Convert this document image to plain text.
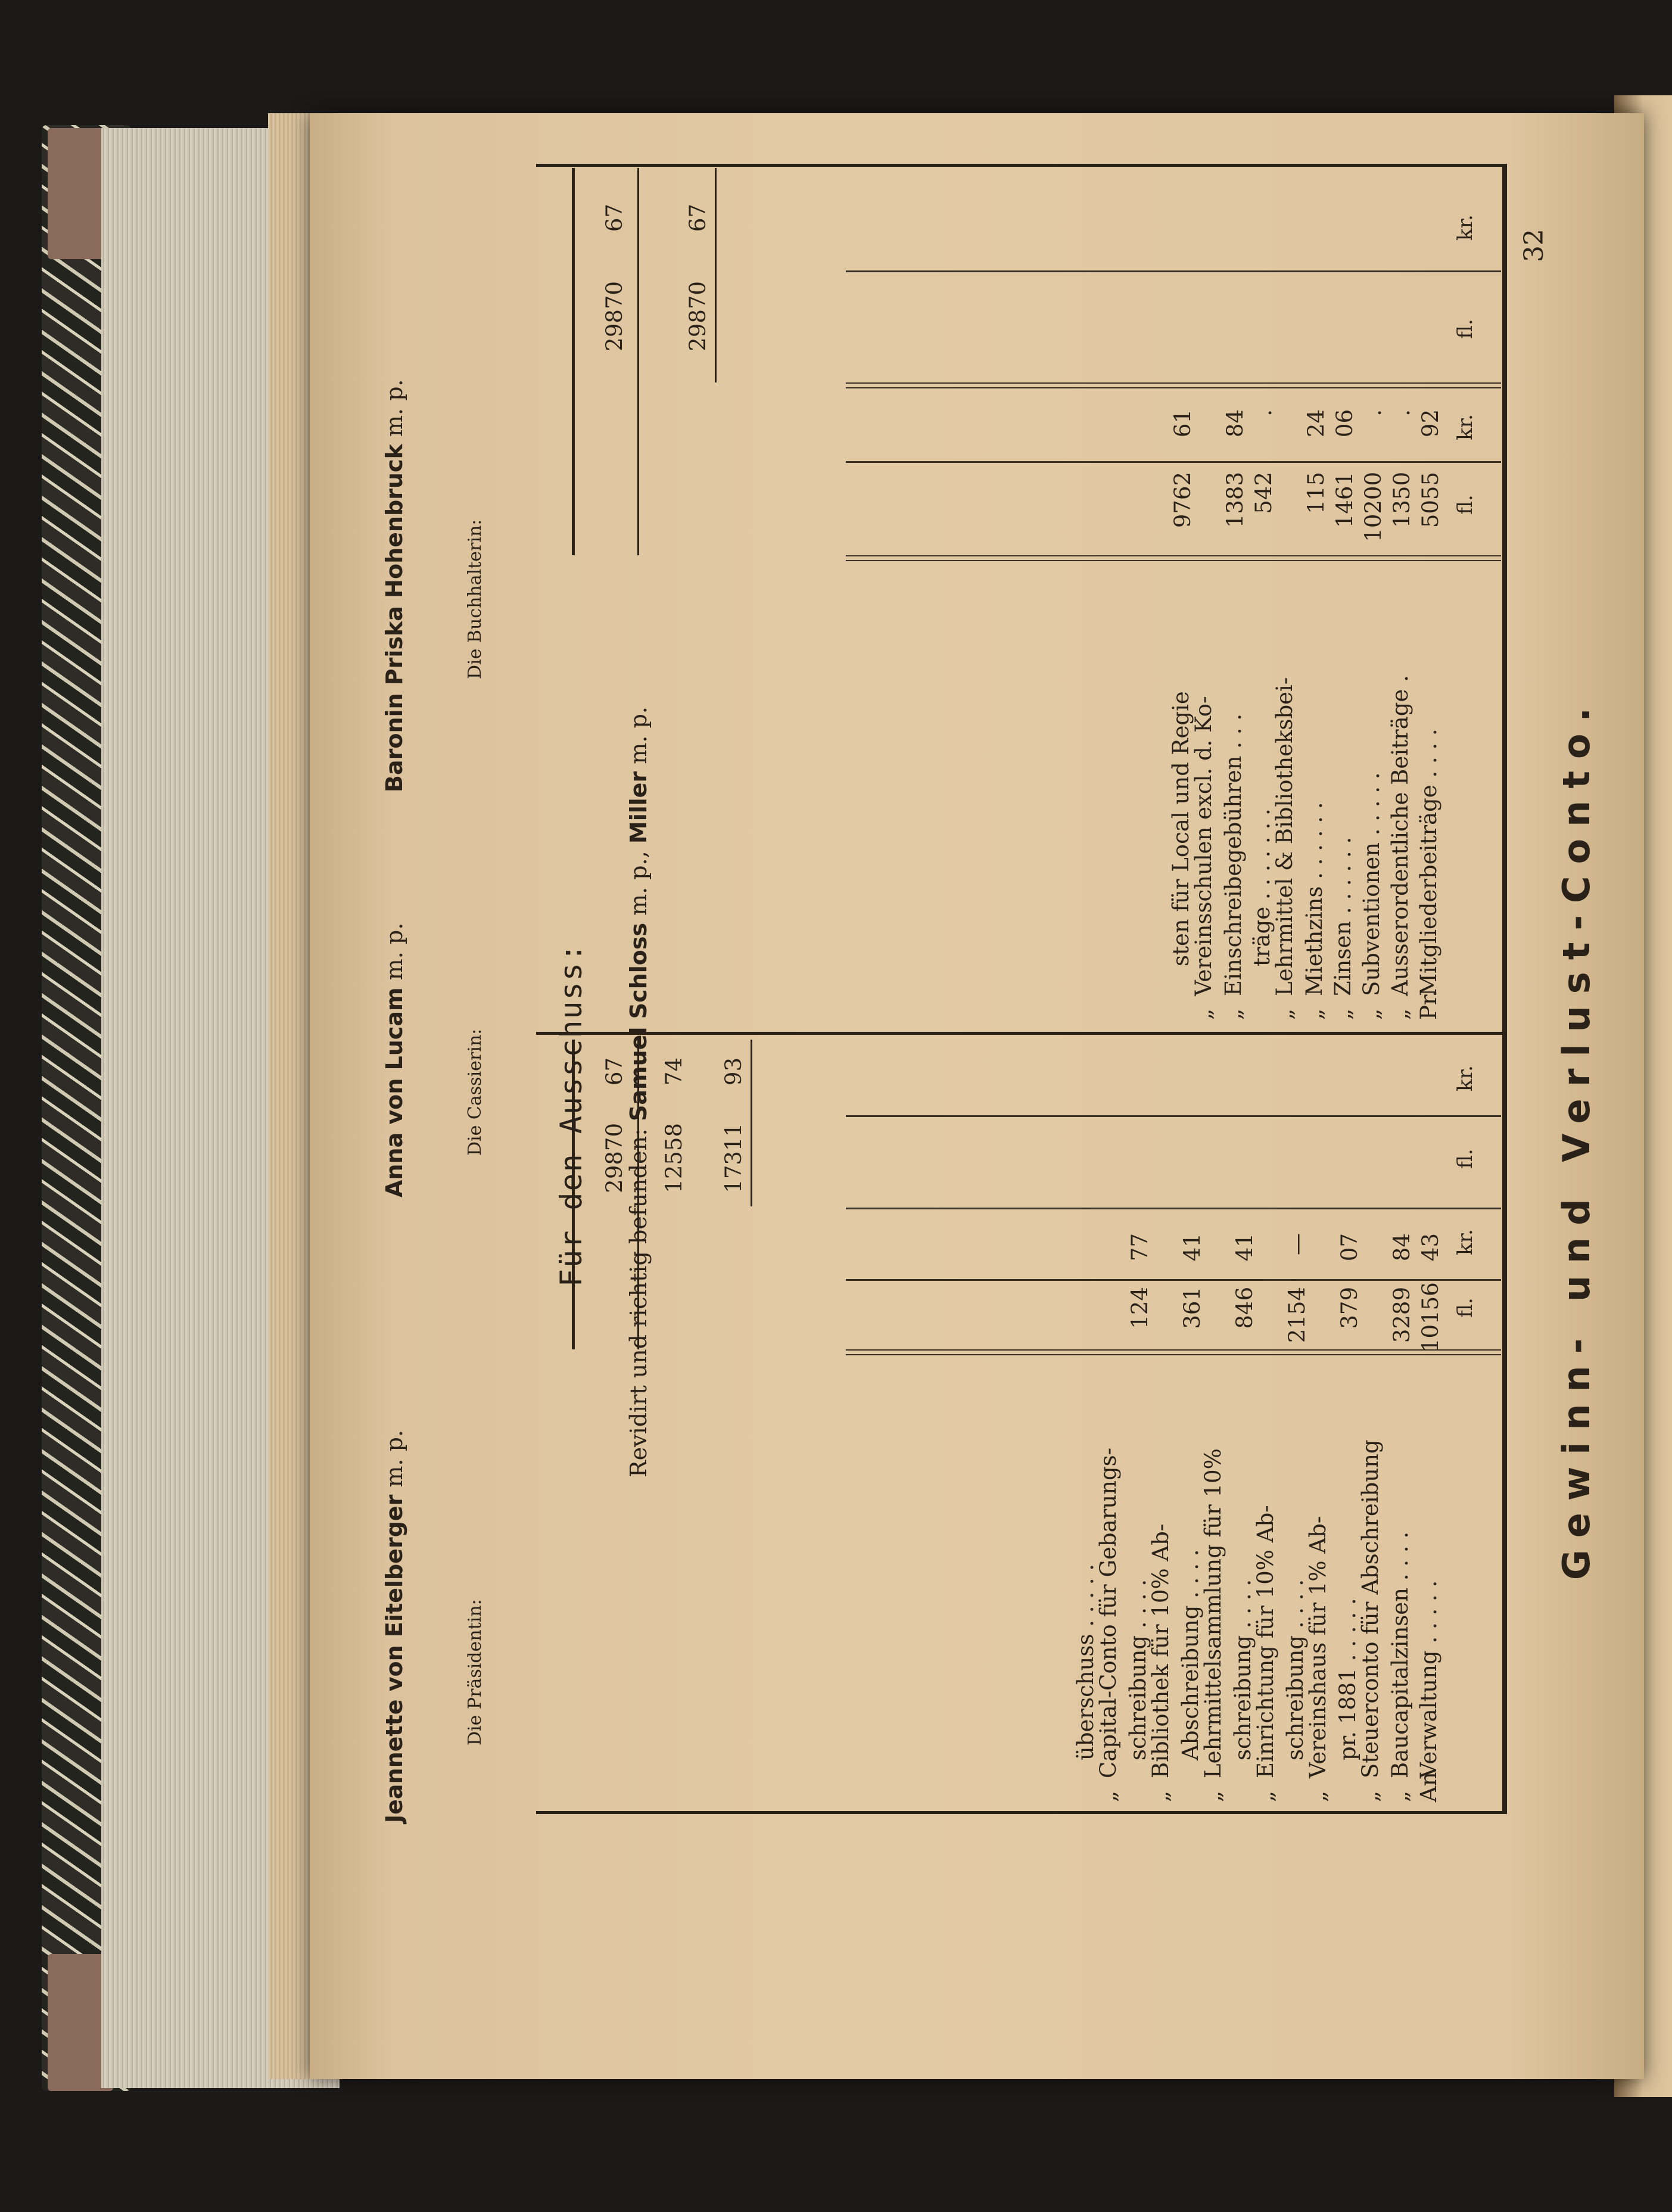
32
Gewinn- und Verlust-Conto.
fl.
kr.
fl.
kr.
AnVerwaltung . . . . .
10156
43
„Baucapitalzinsen . . . .
3289
84
pr. 1881 . . . . .
„Steuerconto für Abschreibung
379
07
schreibung . . . .
„Vereinshaus für 1% Ab-
2154
—
schreibung . . . .
„Einrichtung für 10% Ab-
846
41
Abschreibung . . . .
„Lehrmittelsammlung für 10%
361
41
schreibung . . . .
„Bibliothek für 10% Ab-
124
77
überschuss . . . . .
„Capital-Conto für Gebarungs-
17311
93
12558
74
29870
67
fl.
kr.
fl.
kr.
Pr.Mitgliederbeiträge . . . .
5055
92
„Ausserordentliche Beiträge .
1350
.
„Subventionen . . . . .
10200
.
„Zinsen . . . . . .
1461
06
„Miethzins . . . . . .
115
24
träge . . . . . . .
„Lehrmittel & Bibliotheksbei-
542
.
„Einschreibegebühren . . .
1383
84
sten für Local und Regie
„Vereinsschulen excl. d. Ko-
9762
61
29870
67
29870
67
Revidirt und richtig befunden: Samuel Schloss m. p., Miller m. p.
Für den Ausschuss:
Die Präsidentin:
Jeannette von Eitelberger m. p.
Die Cassierin:
Anna von Lucam m. p.
Die Buchhalterin:
Baronin Priska Hohenbruck m. p.
